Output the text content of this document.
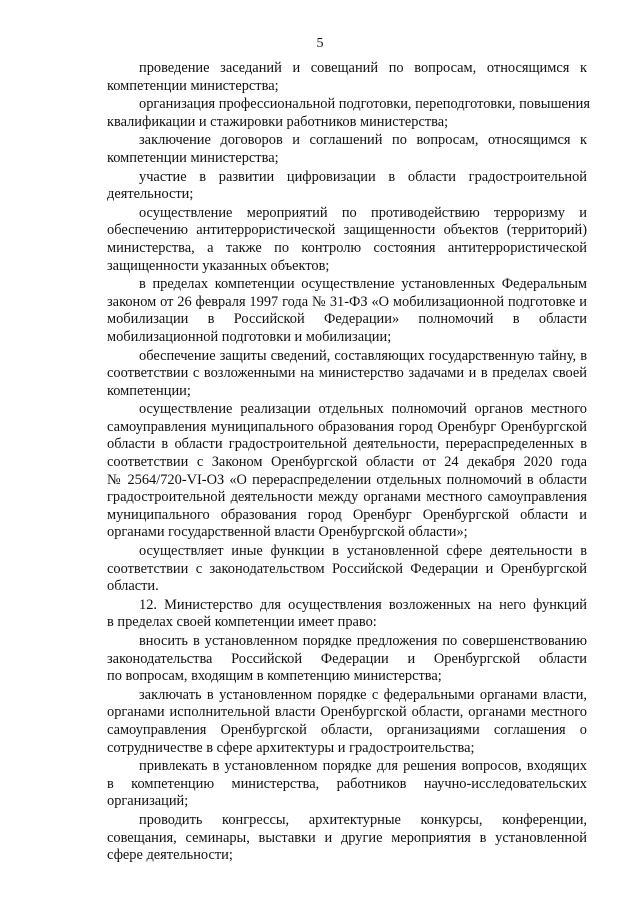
5
проведение заседаний и совещаний по вопросам, относящимся к
компетенции министерства;
организация профессиональной подготовки, переподготовки, повышения
квалификации и стажировки работников министерства;
заключение договоров и соглашений по вопросам, относящимся к
компетенции министерства;
участие в развитии цифровизации в области градостроительной
деятельности;
осуществление мероприятий по противодействию терроризму и
обеспечению антитеррористической защищенности объектов (территорий)
министерства, а также по контролю состояния антитеррористической
защищенности указанных объектов;
в пределах компетенции осуществление установленных Федеральным
законом от 26 февраля 1997 года № 31-ФЗ «О мобилизационной подготовке и
мобилизации в Российской Федерации» полномочий в области
мобилизационной подготовки и мобилизации;
обеспечение защиты сведений, составляющих государственную тайну, в
соответствии с возложенными на министерство задачами и в пределах своей
компетенции;
осуществление реализации отдельных полномочий органов местного
самоуправления муниципального образования город Оренбург Оренбургской
области в области градостроительной деятельности, перераспределенных в
соответствии с Законом Оренбургской области от 24 декабря 2020 года
№ 2564/720-VI-ОЗ «О перераспределении отдельных полномочий в области
градостроительной деятельности между органами местного самоуправления
муниципального образования город Оренбург Оренбургской области и
органами государственной власти Оренбургской области»;
осуществляет иные функции в установленной сфере деятельности в
соответствии с законодательством Российской Федерации и Оренбургской
области.
12. Министерство для осуществления возложенных на него функций
в пределах своей компетенции имеет право:
вносить в установленном порядке предложения по совершенствованию
законодательства Российской Федерации и Оренбургской области
по вопросам, входящим в компетенцию министерства;
заключать в установленном порядке с федеральными органами власти,
органами исполнительной власти Оренбургской области, органами местного
самоуправления Оренбургской области, организациями соглашения о
сотрудничестве в сфере архитектуры и градостроительства;
привлекать в установленном порядке для решения вопросов, входящих
в компетенцию министерства, работников научно-исследовательских
организаций;
проводить конгрессы, архитектурные конкурсы, конференции,
совещания, семинары, выставки и другие мероприятия в установленной
сфере деятельности;
